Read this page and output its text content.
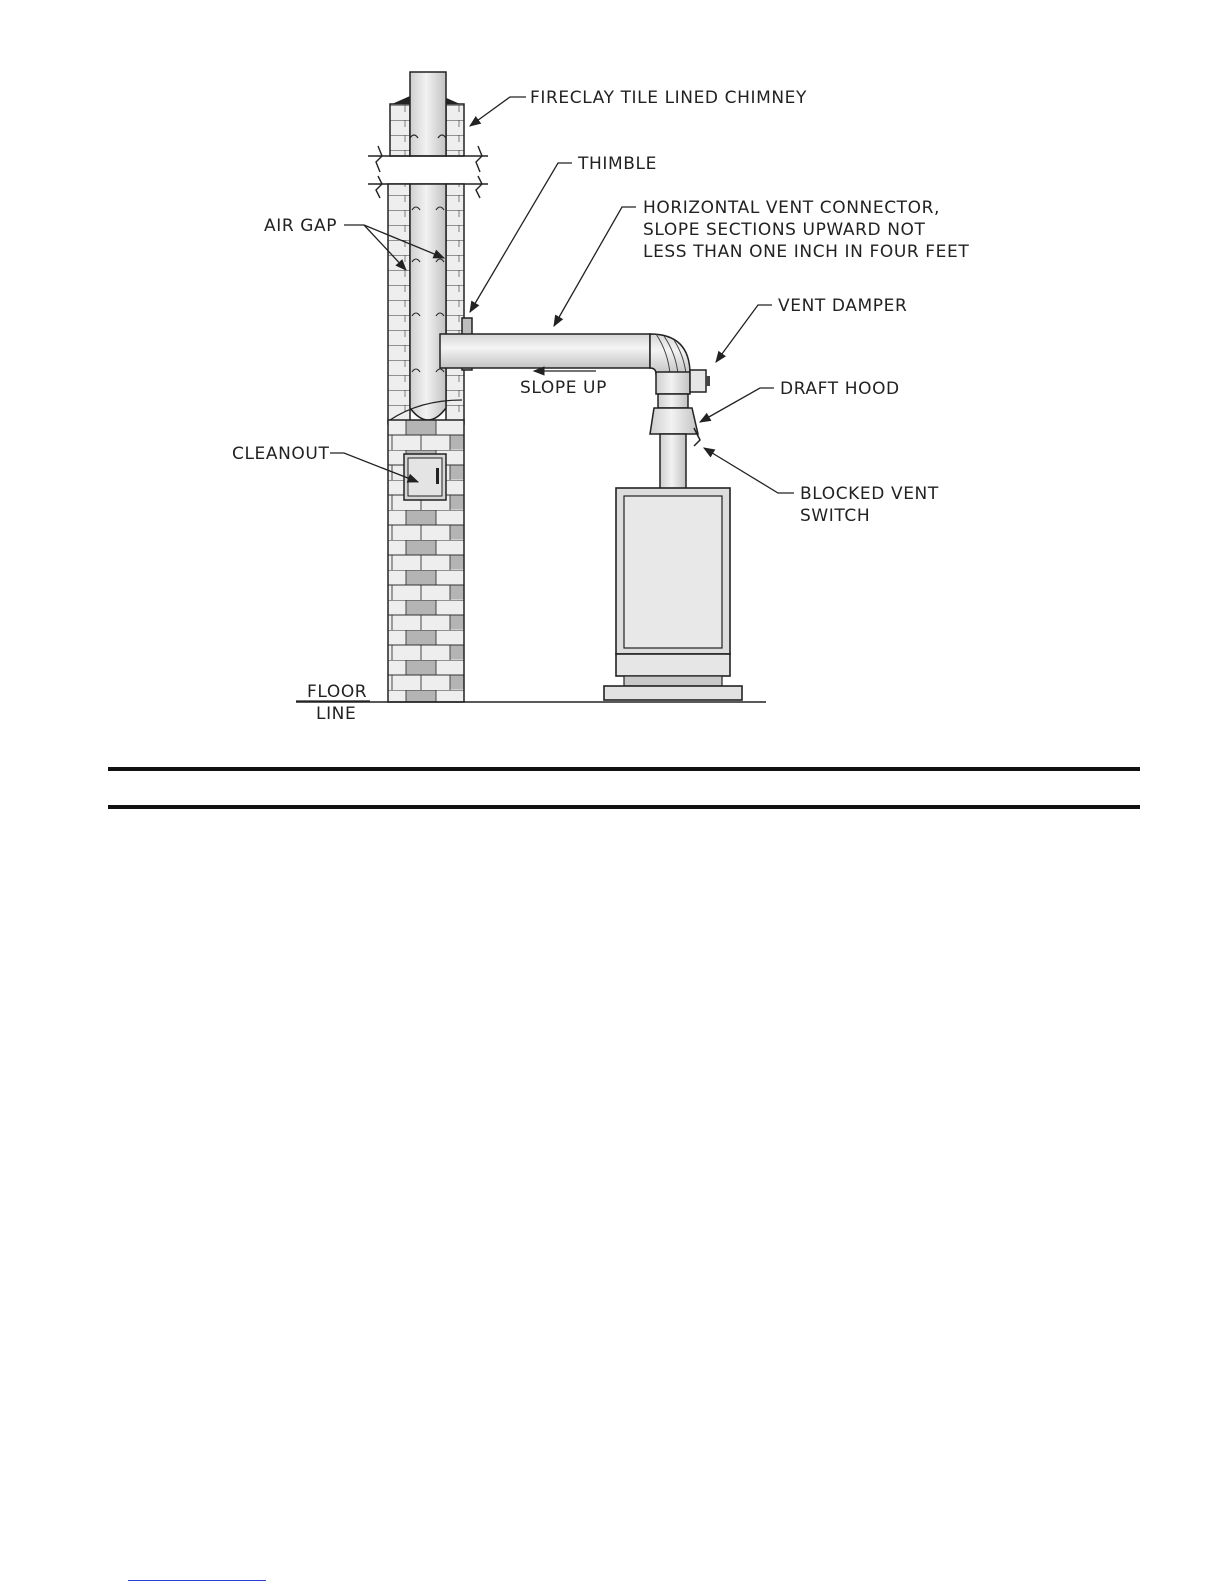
FIRECLAY TILE LINED CHIMNEY
THIMBLE
AIR GAP
HORIZONTAL VENT CONNECTOR,
SLOPE SECTIONS UPWARD NOT
LESS THAN ONE INCH IN FOUR FEET
VENT DAMPER
SLOPE UP	DRAFT HOOD
CLEANOUT
BLOCKED VENT
SWITCH
FLOOR
LINE
